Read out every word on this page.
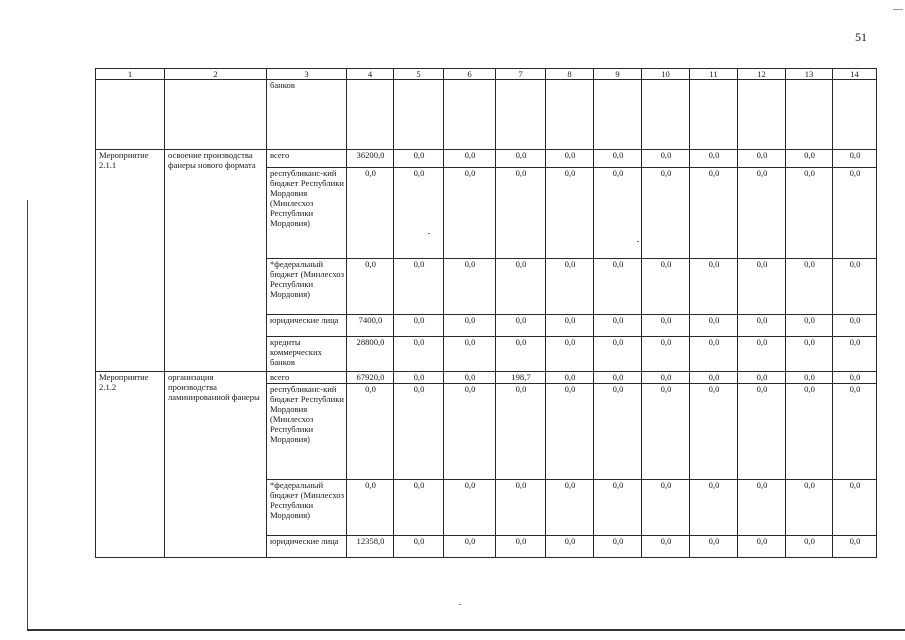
51
1	2	3	4	5	6	7	8	9	10	11	12	13	14
		банков											
Мероприятие 2.1.1	освоение производства фанеры нового формата	всего	36200,0	0,0	0,0	0,0	0,0	0,0	0,0	0,0	0,0	0,0	0,0
		республиканс-кий бюджет Республики Мордовия (Минлесхоз Республики Мордовия)	0,0	0,0	0,0	0,0	0,0	0,0	0,0	0,0	0,0	0,0	0,0
		*федеральный бюджет (Минлесхоз Республики Мордовия)	0,0	0,0	0,0	0,0	0,0	0,0	0,0	0,0	0,0	0,0	0,0
		юридические лица	7400,0	0,0	0,0	0,0	0,0	0,0	0,0	0,0	0,0	0,0	0,0
		кредиты коммерческих банков	28800,0	0,0	0,0	0,0	0,0	0,0	0,0	0,0	0,0	0,0	0,0
Мероприятие 2.1.2	организация производства ламинированной фанеры	всего	67920,0	0,0	0,0	198,7	0,0	0,0	0,0	0,0	0,0	0,0	0,0
		республиканс-кий бюджет Республики Мордовия (Минлесхоз Республики Мордовия)	0,0	0,0	0,0	0,0	0,0	0,0	0,0	0,0	0,0	0,0	0,0
		*федеральный бюджет (Минлесхоз Республики Мордовия)	0,0	0,0	0,0	0,0	0,0	0,0	0,0	0,0	0,0	0,0	0,0
		юридические лица	12358,0	0,0	0,0	0,0	0,0	0,0	0,0	0,0	0,0	0,0	0,0
